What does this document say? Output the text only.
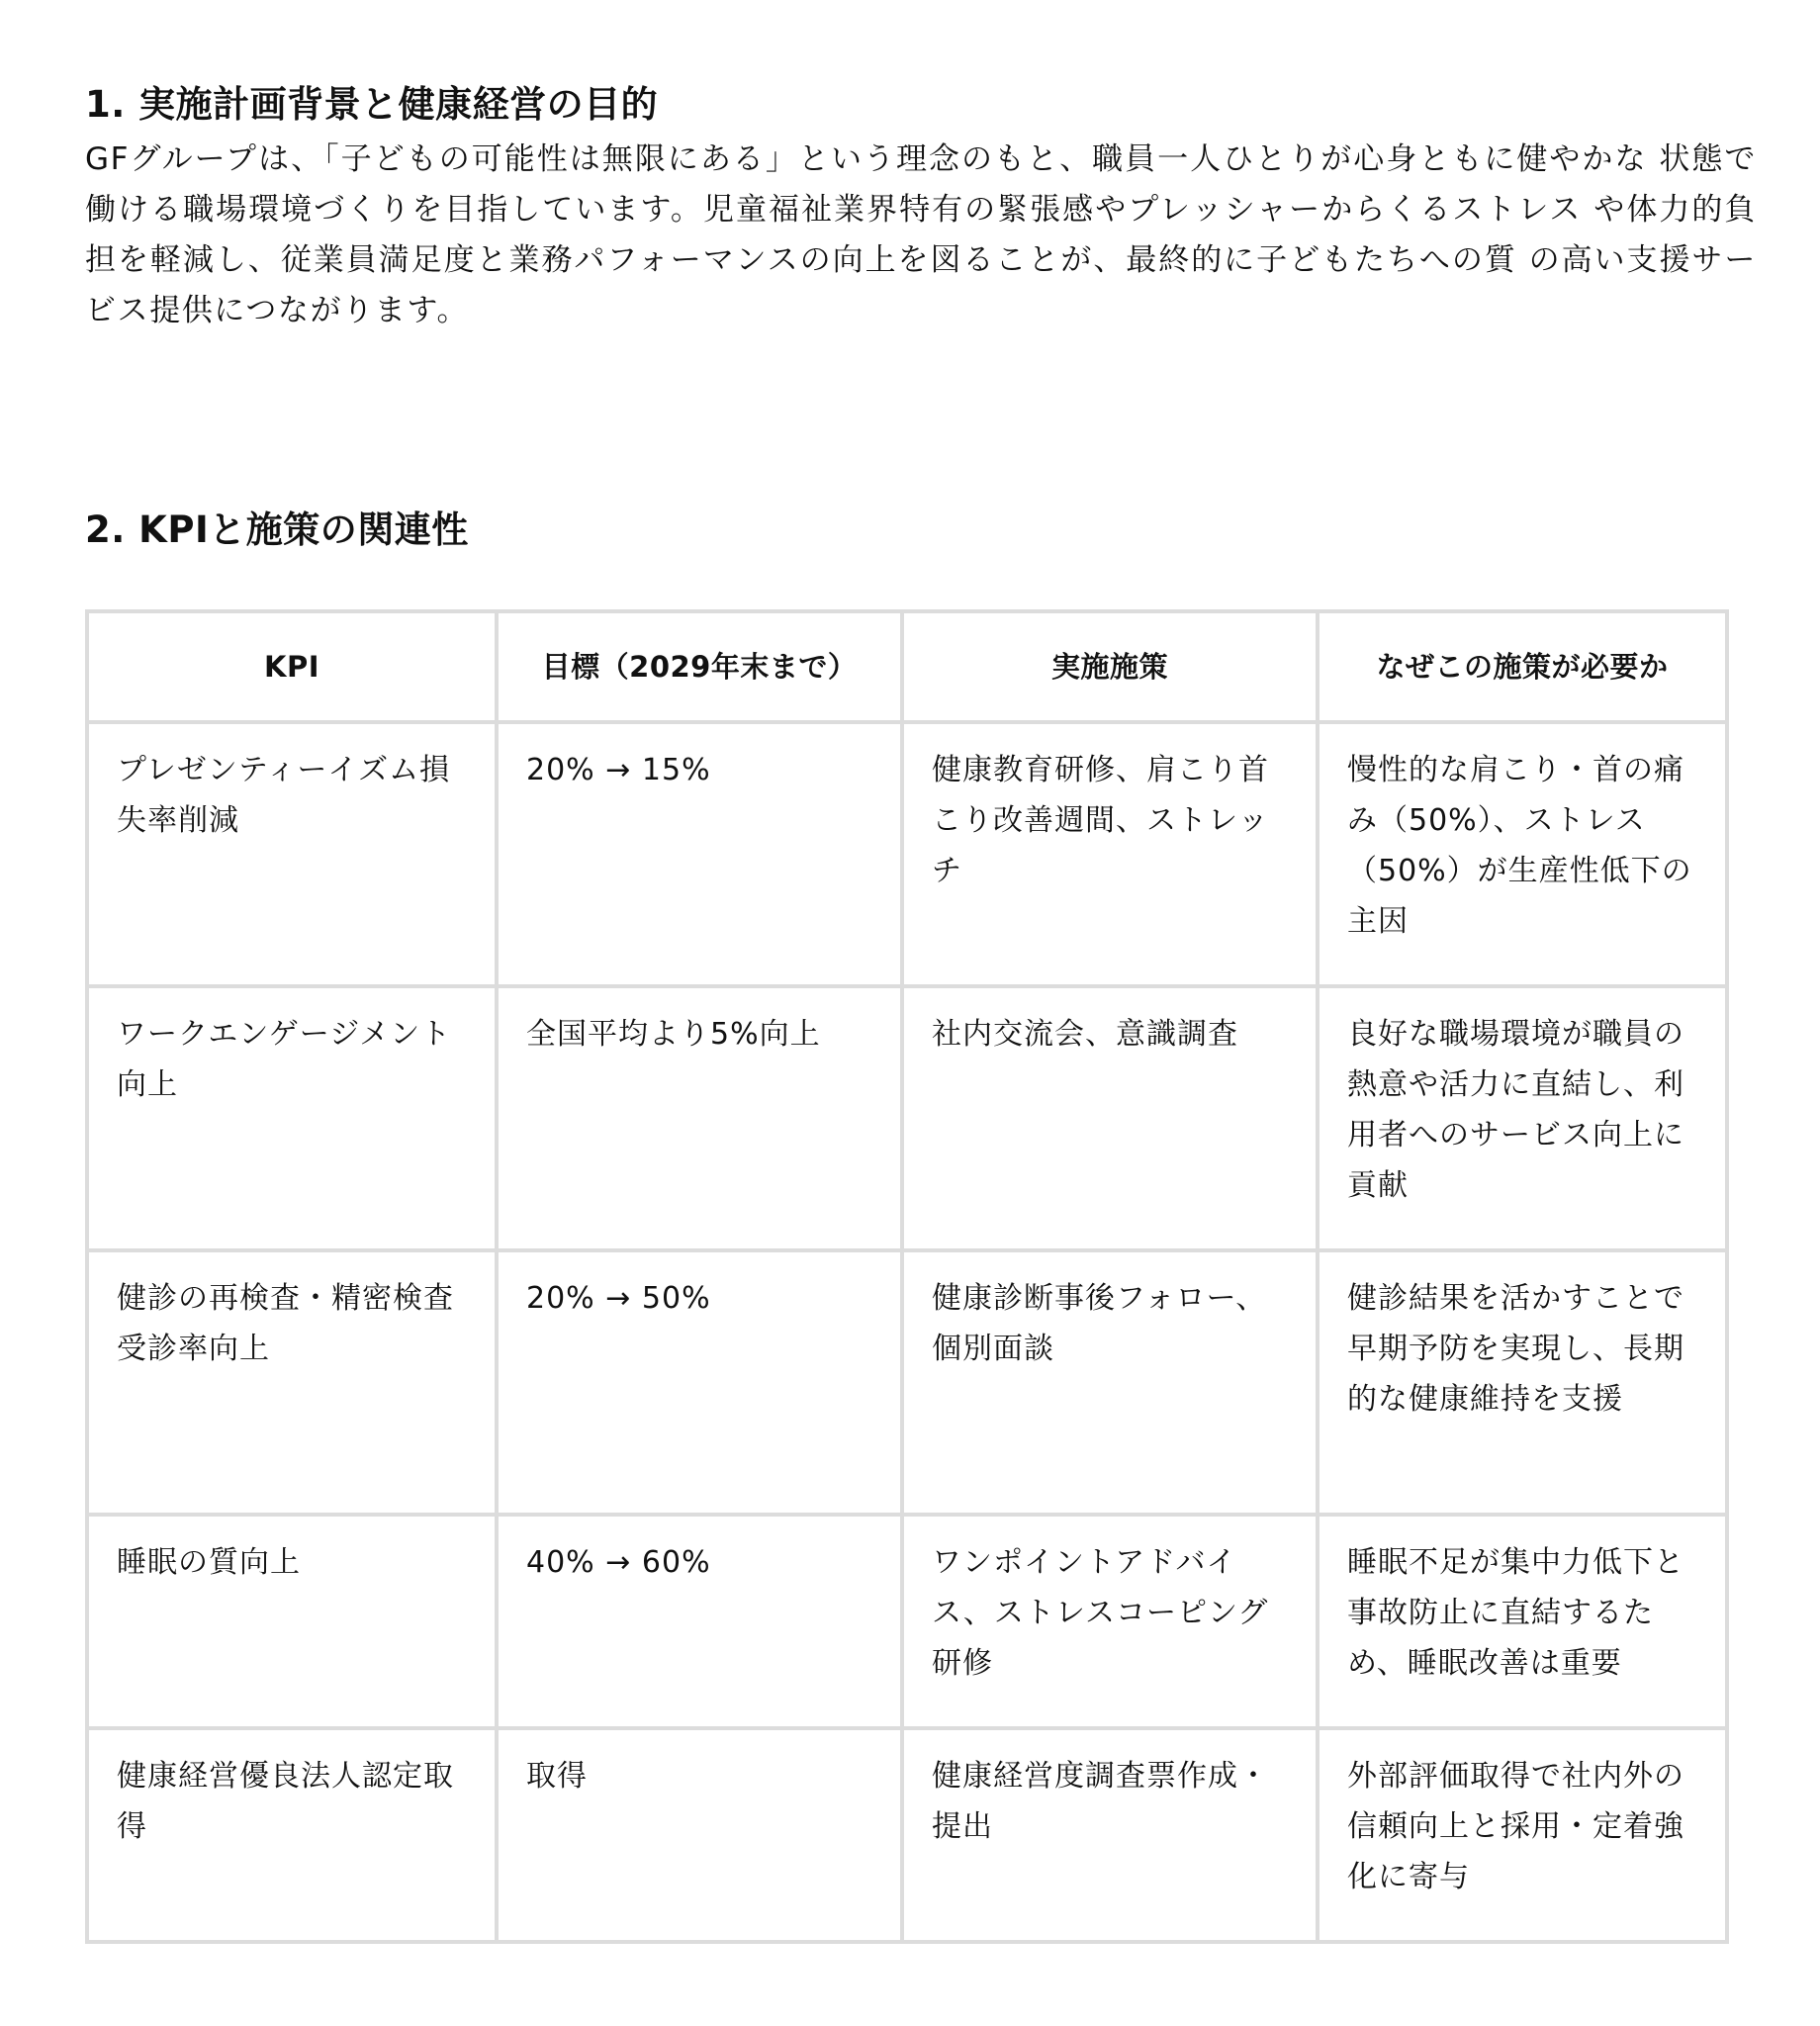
1. 実施計画背景と健康経営の目的

GFグループは、「子どもの可能性は無限にある」という理念のもと、職員一人ひとりが心身ともに健やかな 状態で働ける職場環境づくりを目指しています。児童福祉業界特有の緊張感やプレッシャーからくるストレス や体力的負担を軽減し、従業員満足度と業務パフォーマンスの向上を図ることが、最終的に子どもたちへの質 の高い支援サービス提供につながります。

2. KPIと施策の関連性
KPI	目標（2029年末まで）	実施施策	なぜこの施策が必要か
プレゼンティーイズム損失率削減	20% → 15%	健康教育研修、肩こり首こり改善週間、ストレッチ	慢性的な肩こり・首の痛み（50%）、ストレス（50%）が生産性低下の主因
ワークエンゲージメント向上	全国平均より5%向上	社内交流会、意識調査	良好な職場環境が職員の熱意や活力に直結し、利用者へのサービス向上に貢献
健診の再検査・精密検査受診率向上	20% → 50%	健康診断事後フォロー、個別面談	健診結果を活かすことで早期予防を実現し、長期的な健康維持を支援
睡眠の質向上	40% → 60%	ワンポイントアドバイス、ストレスコーピング研修	睡眠不足が集中力低下と事故防止に直結するため、睡眠改善は重要
健康経営優良法人認定取得	取得	健康経営度調査票作成・提出	外部評価取得で社内外の信頼向上と採用・定着強化に寄与
